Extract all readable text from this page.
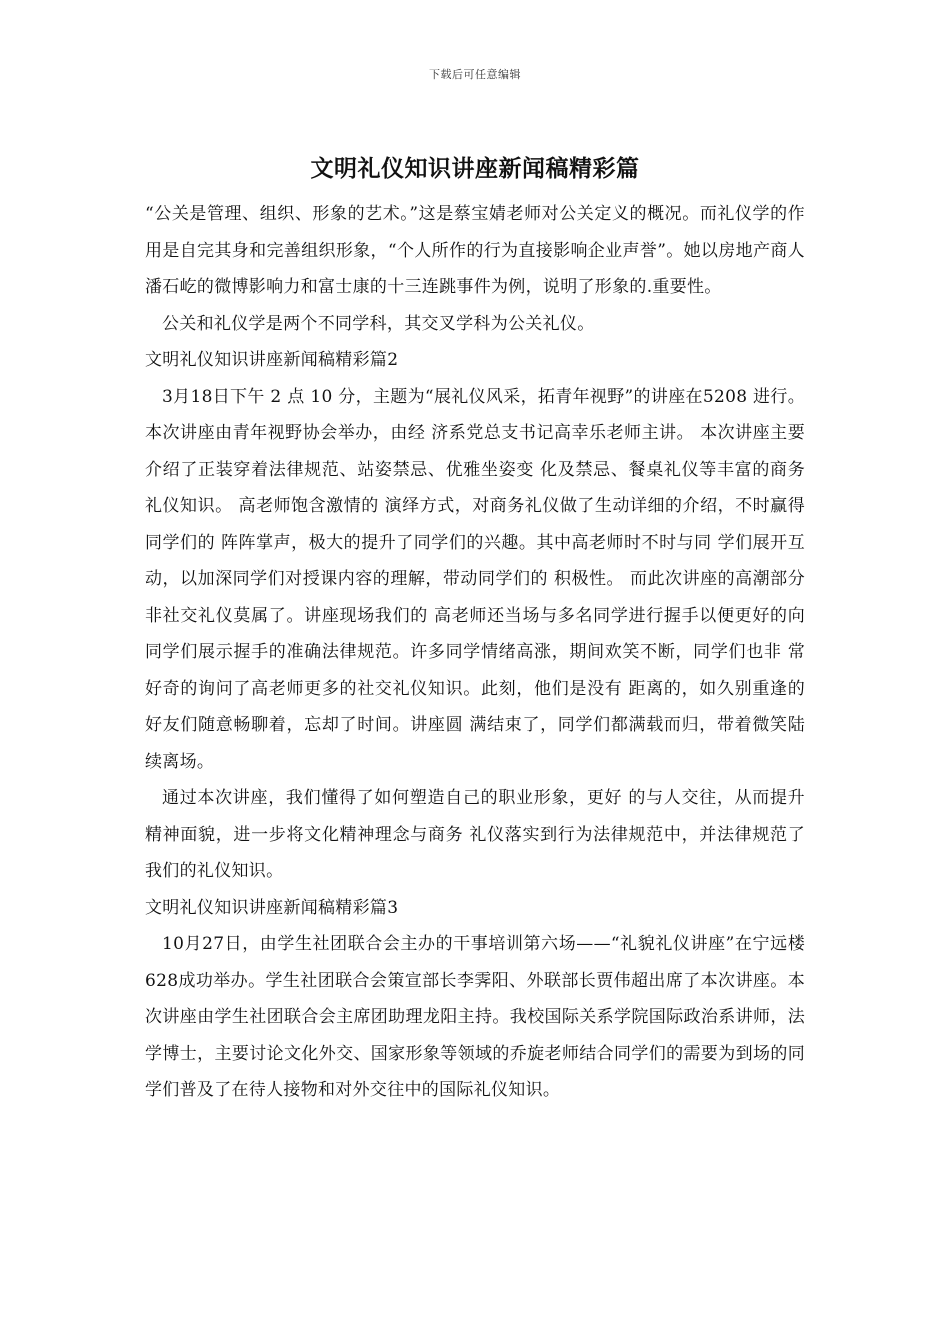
下载后可任意编辑
文明礼仪知识讲座新闻稿精彩篇

“公关是管理、组织、形象的艺术。”这是蔡宝婧老师对公关定义的概况。而礼仪学的作用是自完其身和完善组织形象，“个人所作的行为直接影响企业声誉”。她以房地产商人潘石屹的微博影响力和富士康的十三连跳事件为例，说明了形象的.重要性。

公关和礼仪学是两个不同学科，其交叉学科为公关礼仪。

文明礼仪知识讲座新闻稿精彩篇2

3月18日下午 2 点 10 分，主题为“展礼仪风采，拓青年视野”的讲座在5208 进行。本次讲座由青年视野协会举办，由经 济系党总支书记高幸乐老师主讲。 本次讲座主要介绍了正装穿着法律规范、站姿禁忌、优雅坐姿变 化及禁忌、餐桌礼仪等丰富的商务礼仪知识。 高老师饱含激情的 演绎方式，对商务礼仪做了生动详细的介绍，不时赢得同学们的 阵阵掌声，极大的提升了同学们的兴趣。其中高老师时不时与同 学们展开互动，以加深同学们对授课内容的理解，带动同学们的 积极性。 而此次讲座的高潮部分非社交礼仪莫属了。讲座现场我们的 高老师还当场与多名同学进行握手以便更好的向同学们展示握手的准确法律规范。许多同学情绪高涨，期间欢笑不断，同学们也非 常好奇的询问了高老师更多的社交礼仪知识。此刻，他们是没有 距离的，如久别重逢的好友们随意畅聊着，忘却了时间。讲座圆 满结束了，同学们都满载而归，带着微笑陆续离场。

通过本次讲座，我们懂得了如何塑造自己的职业形象，更好 的与人交往，从而提升精神面貌，进一步将文化精神理念与商务 礼仪落实到行为法律规范中，并法律规范了我们的礼仪知识。

文明礼仪知识讲座新闻稿精彩篇3

10月27日，由学生社团联合会主办的干事培训第六场——“礼貌礼仪讲座”在宁远楼628成功举办。学生社团联合会策宣部长李霁阳、外联部长贾伟超出席了本次讲座。本次讲座由学生社团联合会主席团助理龙阳主持。我校国际关系学院国际政治系讲师，法学博士，主要讨论文化外交、国家形象等领域的乔旋老师结合同学们的需要为到场的同学们普及了在待人接物和对外交往中的国际礼仪知识。
